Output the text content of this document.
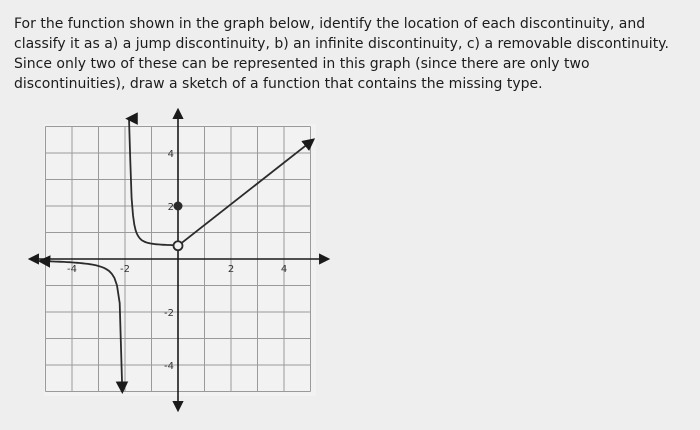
For the function shown in the graph below, identify the location of each discontinuity, and
classify it as a) a jump discontinuity, b) an infinite discontinuity, c) a removable discontinuity.
Since only two of these can be represented in this graph (since there are only two
discontinuities), draw a sketch of a function that contains the missing type.

-4	-2	2	4
4
2
-2
-4
